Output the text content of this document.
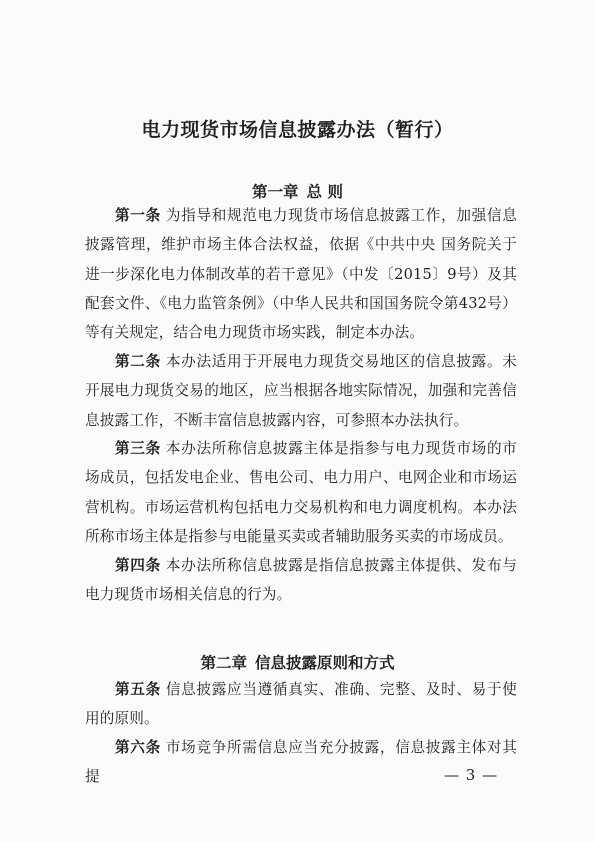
电力现货市场信息披露办法（暂行）
第一章 总 则
第一条 为指导和规范电力现货市场信息披露工作，加强信息披露管理，维护市场主体合法权益，依据《中共中央 国务院关于进一步深化电力体制改革的若干意见》（中发〔2015〕9号）及其配套文件、《电力监管条例》（中华人民共和国国务院令第432号）等有关规定，结合电力现货市场实践，制定本办法。
第二条 本办法适用于开展电力现货交易地区的信息披露。未开展电力现货交易的地区，应当根据各地实际情况，加强和完善信息披露工作，不断丰富信息披露内容，可参照本办法执行。
第三条 本办法所称信息披露主体是指参与电力现货市场的市场成员，包括发电企业、售电公司、电力用户、电网企业和市场运营机构。市场运营机构包括电力交易机构和电力调度机构。本办法所称市场主体是指参与电能量买卖或者辅助服务买卖的市场成员。
第四条 本办法所称信息披露是指信息披露主体提供、发布与电力现货市场相关信息的行为。
第二章 信息披露原则和方式
第五条 信息披露应当遵循真实、准确、完整、及时、易于使用的原则。
第六条 市场竞争所需信息应当充分披露，信息披露主体对其提	— 3 —
